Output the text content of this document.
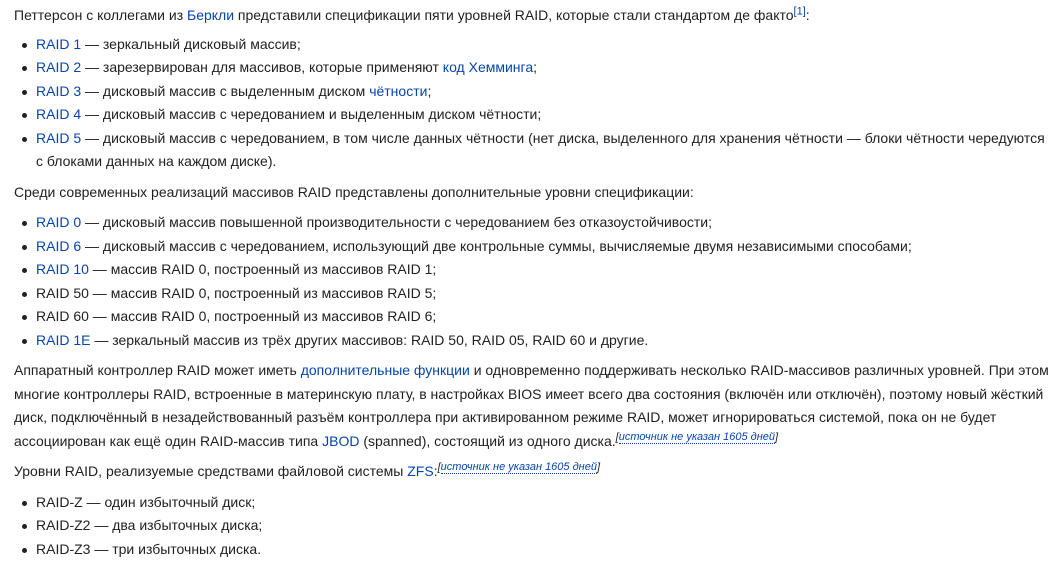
Петтерсон с коллегами из Беркли представили спецификации пяти уровней RAID, которые стали стандартом де факто[1]:

RAID 1 — зеркальный дисковый массив;
RAID 2 — зарезервирован для массивов, которые применяют код Хемминга;
RAID 3 — дисковый массив с выделенным диском чётности;
RAID 4 — дисковый массив с чередованием и выделенным диском чётности;
RAID 5 — дисковый массив с чередованием, в том числе данных чётности (нет диска, выделенного для хранения чётности — блоки чётности чередуются с блоками данных на каждом диске).

Среди современных реализаций массивов RAID представлены дополнительные уровни спецификации:

RAID 0 — дисковый массив повышенной производительности с чередованием без отказоустойчивости;
RAID 6 — дисковый массив с чередованием, использующий две контрольные суммы, вычисляемые двумя независимыми способами;
RAID 10 — массив RAID 0, построенный из массивов RAID 1;
RAID 50 — массив RAID 0, построенный из массивов RAID 5;
RAID 60 — массив RAID 0, построенный из массивов RAID 6;
RAID 1E — зеркальный массив из трёх других массивов: RAID 50, RAID 05, RAID 60 и другие.

Аппаратный контроллер RAID может иметь дополнительные функции и одновременно поддерживать несколько RAID-массивов различных уровней. При этом многие контроллеры RAID, встроенные в материнскую плату, в настройках BIOS имеет всего два состояния (включён или отключён), поэтому новый жёсткий диск, подключённый в незадействованный разъём контроллера при активированном режиме RAID, может игнорироваться системой, пока он не будет ассоциирован как ещё один RAID-массив типа JBOD (spanned), состоящий из одного диска.[источник не указан 1605 дней]

Уровни RAID, реализуемые средствами файловой системы ZFS:[источник не указан 1605 дней]

RAID-Z — один избыточный диск;
RAID-Z2 — два избыточных диска;
RAID-Z3 — три избыточных диска.
